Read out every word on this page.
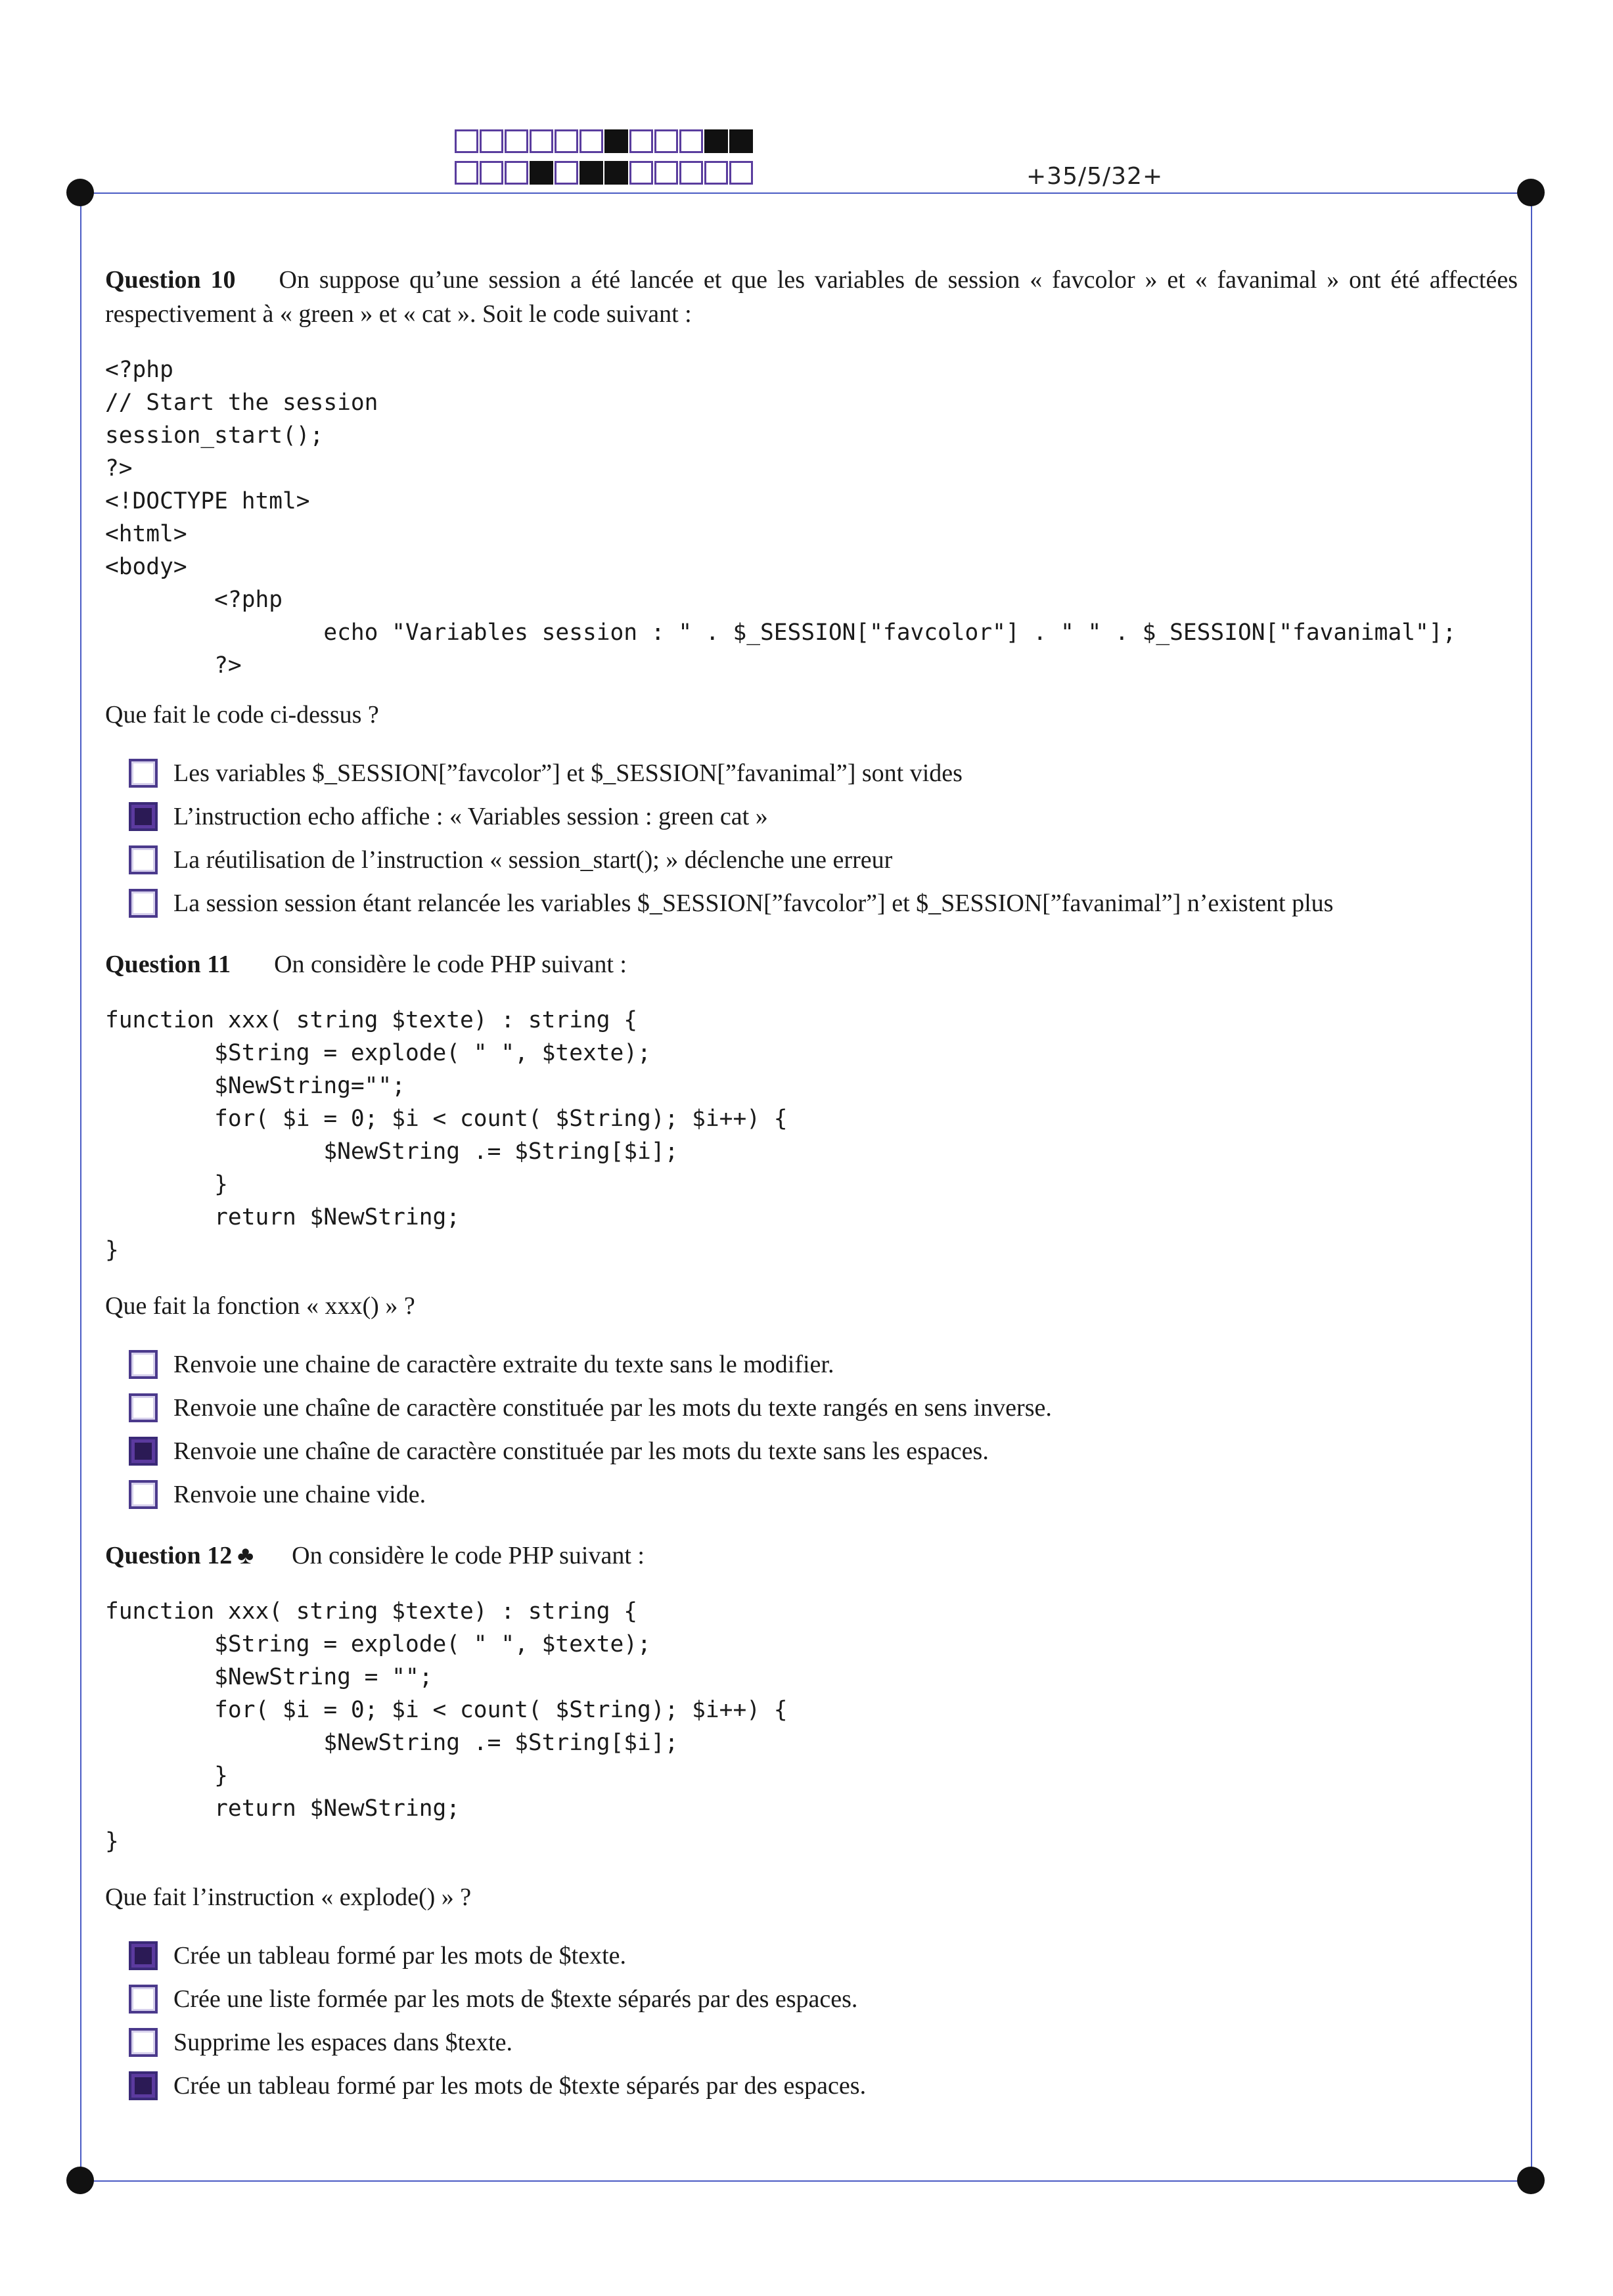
+35/5/32+

Question 10 On suppose qu’une session a été lancée et que les variables de session « favcolor » et « favanimal » ont été affectées respectivement à « green » et « cat ». Soit le code suivant :

<?php
// Start the session
session_start();
?>
<!DOCTYPE html>
<html>
<body>
<?php
echo "Variables session : " . $_SESSION["favcolor"] . " " . $_SESSION["favanimal"];
?>

Que fait le code ci-dessus ?

Les variables $_SESSION[”favcolor”] et $_SESSION[”favanimal”] sont vides
L’instruction echo affiche : « Variables session : green cat »
La réutilisation de l’instruction « session_start(); » déclenche une erreur
La session session étant relancée les variables $_SESSION[”favcolor”] et $_SESSION[”favanimal”] n’existent plus

Question 11 On considère le code PHP suivant :

function xxx( string $texte) : string {
$String = explode( " ", $texte);
$NewString="";
for( $i = 0; $i < count( $String); $i++) {
$NewString .= $String[$i];
}
return $NewString;
}

Que fait la fonction « xxx() » ?

Renvoie une chaine de caractère extraite du texte sans le modifier.
Renvoie une chaîne de caractère constituée par les mots du texte rangés en sens inverse.
Renvoie une chaîne de caractère constituée par les mots du texte sans les espaces.
Renvoie une chaine vide.

Question 12 ♣ On considère le code PHP suivant :

function xxx( string $texte) : string {
$String = explode( " ", $texte);
$NewString = "";
for( $i = 0; $i < count( $String); $i++) {
$NewString .= $String[$i];
}
return $NewString;
}

Que fait l’instruction « explode() » ?

Crée un tableau formé par les mots de $texte.
Crée une liste formée par les mots de $texte séparés par des espaces.
Supprime les espaces dans $texte.
Crée un tableau formé par les mots de $texte séparés par des espaces.
